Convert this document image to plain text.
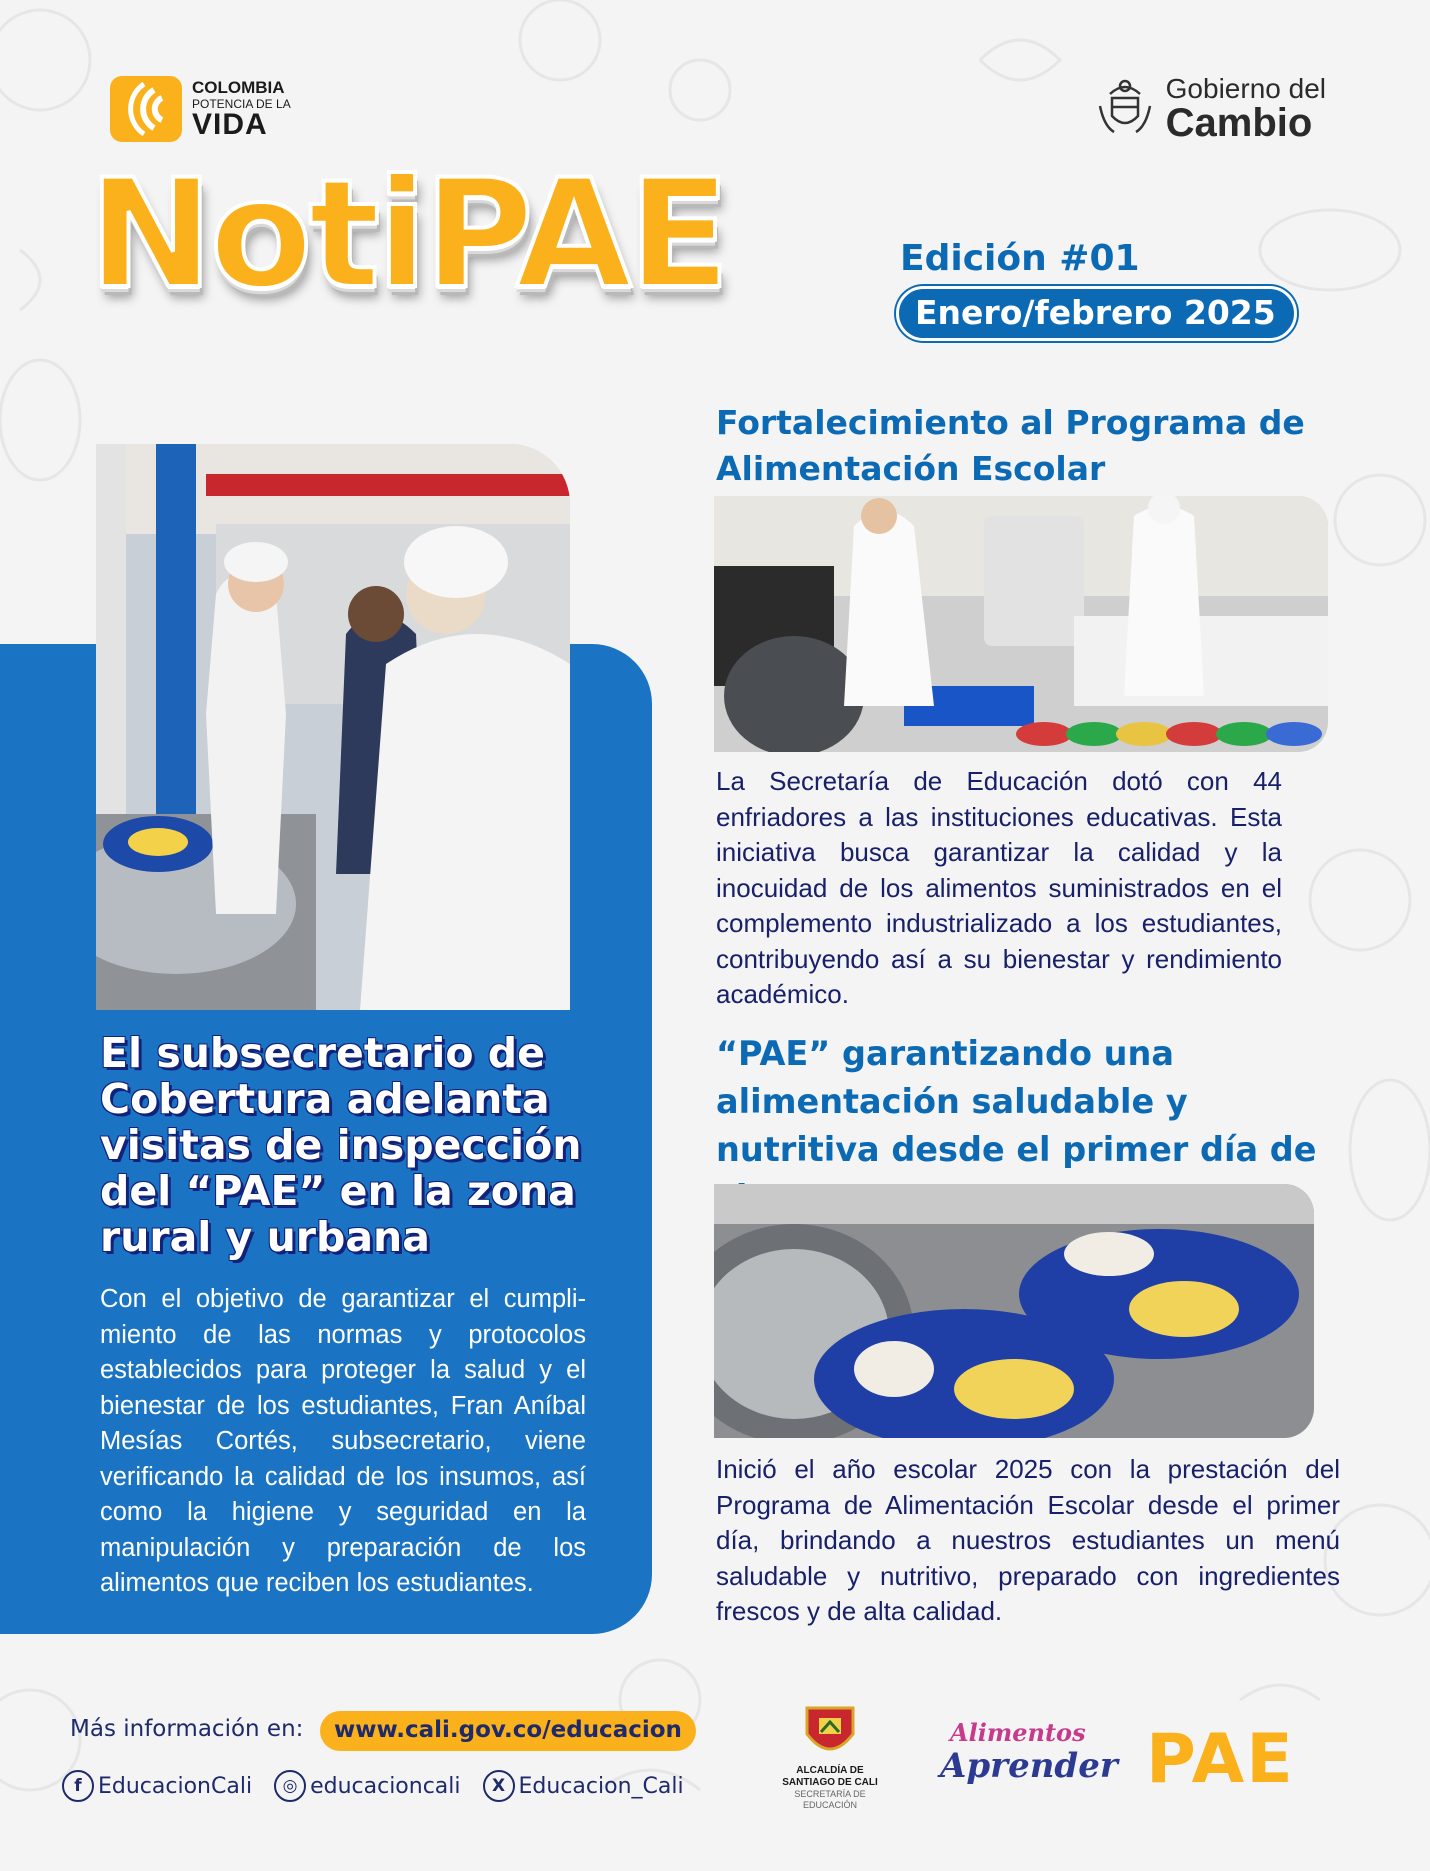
COLOMBIA
POTENCIA DE LA
VIDA
Gobierno del
Cambio
NotiPAE	Edición #01
Enero/febrero 2025
El subsecretario de Cobertura adelanta visitas de inspección del “PAE” en la zona rural y urbana
Con el objetivo de garantizar el cumplimiento de las normas y protocolos establecidos para proteger la salud y el bienestar de los estudiantes, Fran Aníbal Mesías Cortés, subsecretario, viene verificando la calidad de los insumos, así como la higiene y seguridad en la manipulación y preparación de los alimentos que reciben los estudiantes.
Fortalecimiento al Programa de Alimentación Escolar
La Secretaría de Educación dotó con 44 enfriadores a las instituciones educativas. Esta iniciativa busca garantizar la calidad y la inocuidad de los alimentos suministrados en el complemento industrializado a los estudiantes, contribuyendo así a su bienestar y rendimiento académico.
“PAE” garantizando una alimentación saludable y nutritiva desde el primer día de
Inició el año escolar 2025 con la prestación del Programa de Alimentación Escolar desde el primer día, brindando a nuestros estudiantes un menú saludable y nutritivo, preparado con ingredientes frescos y de alta calidad.
Más información en:	www.cali.gov.co/educacion
f EducacionCali	◎ educacioncali	X Educacion_Cali
ALCALDÍA DE
SANTIAGO DE CALI
SECRETARÍA DE EDUCACIÓN
Alimentos
Aprender PAE
